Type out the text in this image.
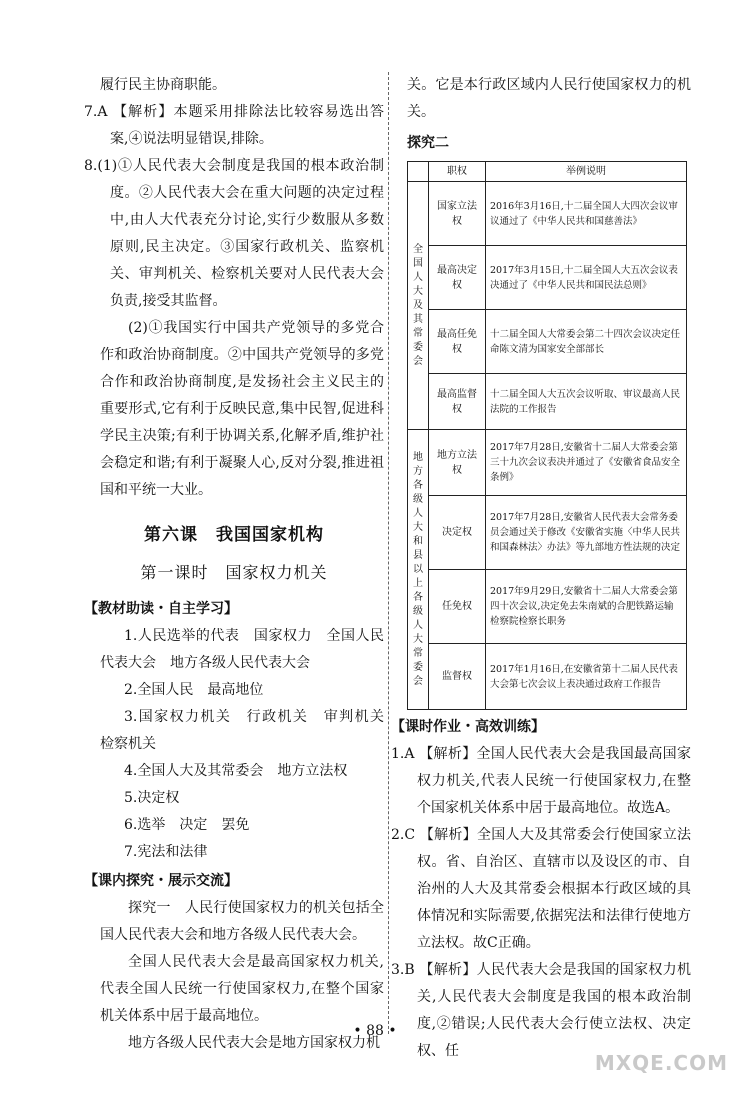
履行民主协商职能。

7.A 【解析】本题采用排除法比较容易选出答案,④说法明显错误,排除。

8.(1)①人民代表大会制度是我国的根本政治制度。②人民代表大会在重大问题的决定过程中,由人大代表充分讨论,实行少数服从多数原则,民主决定。③国家行政机关、监察机关、审判机关、检察机关要对人民代表大会负责,接受其监督。

(2)①我国实行中国共产党领导的多党合作和政治协商制度。②中国共产党领导的多党合作和政治协商制度,是发扬社会主义民主的重要形式,它有利于反映民意,集中民智,促进科学民主决策;有利于协调关系,化解矛盾,维护社会稳定和谐;有利于凝聚人心,反对分裂,推进祖国和平统一大业。

第六课　我国国家机构
第一课时　国家权力机关

【教材助读・自主学习】

1.人民选举的代表　国家权力　全国人民代表大会　地方各级人民代表大会

2.全国人民　最高地位

3.国家权力机关　行政机关　审判机关　检察机关

4.全国人大及其常委会　地方立法权

5.决定权

6.选举　决定　罢免

7.宪法和法律

【课内探究・展示交流】

探究一　人民行使国家权力的机关包括全国人民代表大会和地方各级人民代表大会。

全国人民代表大会是最高国家权力机关,代表全国人民统一行使国家权力,在整个国家机关体系中居于最高地位。

地方各级人民代表大会是地方国家权力机

关。它是本行政区域内人民行使国家权力的机关。

探究二

	职权	举例说明
全国人大及其常委会	国家立法权	2016年3月16日,十二届全国人大四次会议审议通过了《中华人民共和国慈善法》
	最高决定权	2017年3月15日,十二届全国人大五次会议表决通过了《中华人民共和国民法总则》
	最高任免权	十二届全国人大常委会第二十四次会议决定任命陈文清为国家安全部部长
	最高监督权	十二届全国人大五次会议听取、审议最高人民法院的工作报告
地方各级人大和县以上各级人大常委会	地方立法权	2017年7月28日,安徽省十二届人大常委会第三十九次会议表决并通过了《安徽省食品安全条例》
	决定权	2017年7月28日,安徽省人民代表大会常务委员会通过关于修改《安徽省实施〈中华人民共和国森林法〉办法》等九部地方性法规的决定
	任免权	2017年9月29日,安徽省十二届人大常委会第四十次会议,决定免去朱南斌的合肥铁路运输检察院检察长职务
	监督权	2017年1月16日,在安徽省第十二届人民代表大会第七次会议上表决通过政府工作报告

【课时作业・高效训练】

1.A 【解析】全国人民代表大会是我国最高国家权力机关,代表人民统一行使国家权力,在整个国家机关体系中居于最高地位。故选A。

2.C 【解析】全国人大及其常委会行使国家立法权。省、自治区、直辖市以及设区的市、自治州的人大及其常委会根据本行政区域的具体情况和实际需要,依据宪法和法律行使地方立法权。故C正确。

3.B 【解析】人民代表大会是我国的国家权力机关,人民代表大会制度是我国的根本政治制度,②错误;人民代表大会行使立法权、决定权、任

• 88 •
MXQE.COM
